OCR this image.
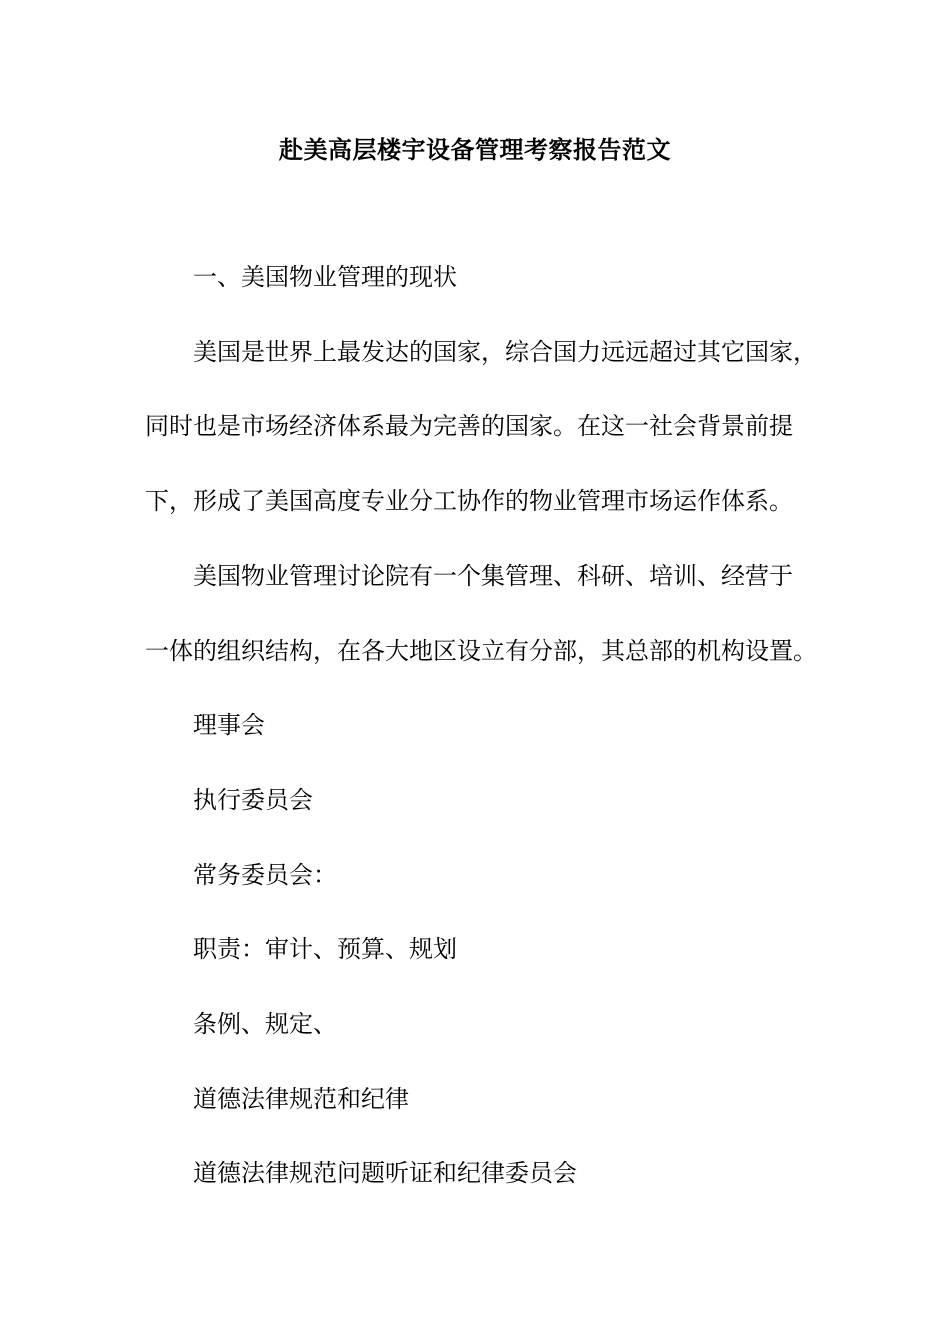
赴美高层楼宇设备管理考察报告范文
一、美国物业管理的现状
美国是世界上最发达的国家，综合国力远远超过其它国家，
同时也是市场经济体系最为完善的国家。在这一社会背景前提
下，形成了美国高度专业分工协作的物业管理市场运作体系。
美国物业管理讨论院有一个集管理、科研、培训、经营于
一体的组织结构，在各大地区设立有分部，其总部的机构设置。
理事会
执行委员会
常务委员会：
职责：审计、预算、规划
条例、规定、
道德法律规范和纪律
道德法律规范问题听证和纪律委员会
